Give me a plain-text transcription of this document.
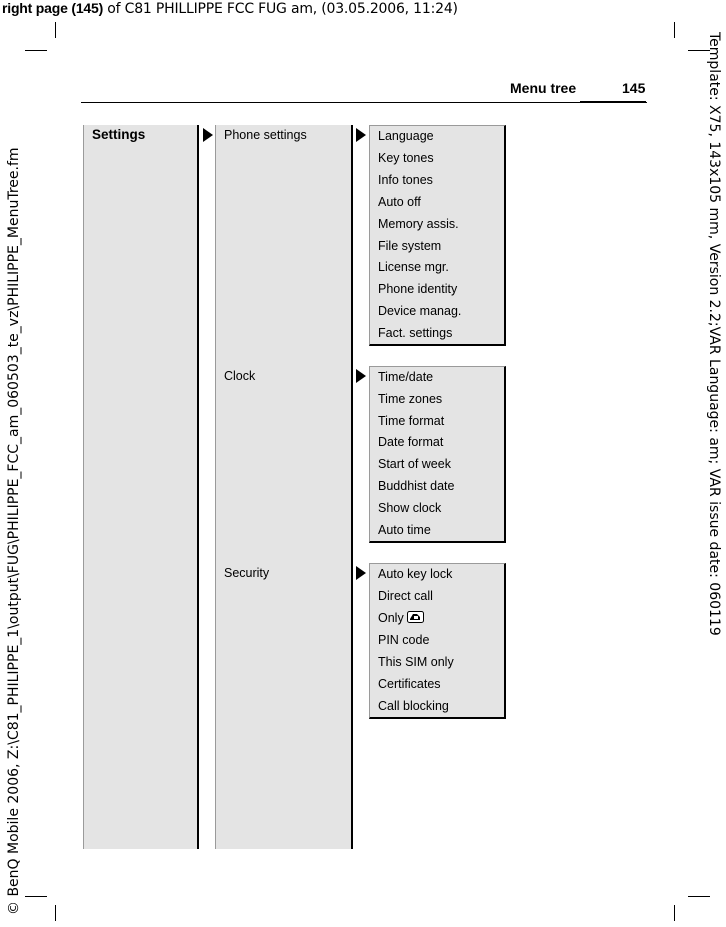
right page (145) of C81 PHILLIPPE FCC FUG am, (03.05.2006, 11:24)
© BenQ Mobile 2006, Z:\C81_PHILIPPE_1\output\FUG\PHILIPPE_FCC_am_060503_te_vz\PHILIPPE_MenuTree.fm	Template: X75, 143x105 mm, Version 2.2;VAR Language: am; VAR issue date: 060119
Menu tree	145
Settings	Phone settings
Clock
Security
Language
Key tones
Info tones
Auto off
Memory assis.
File system
License mgr.
Phone identity
Device manag.
Fact. settings
Time/date
Time zones
Time format
Date format
Start of week
Buddhist date
Show clock
Auto time
Auto key lock
Direct call
Only
PIN code
This SIM only
Certificates
Call blocking
